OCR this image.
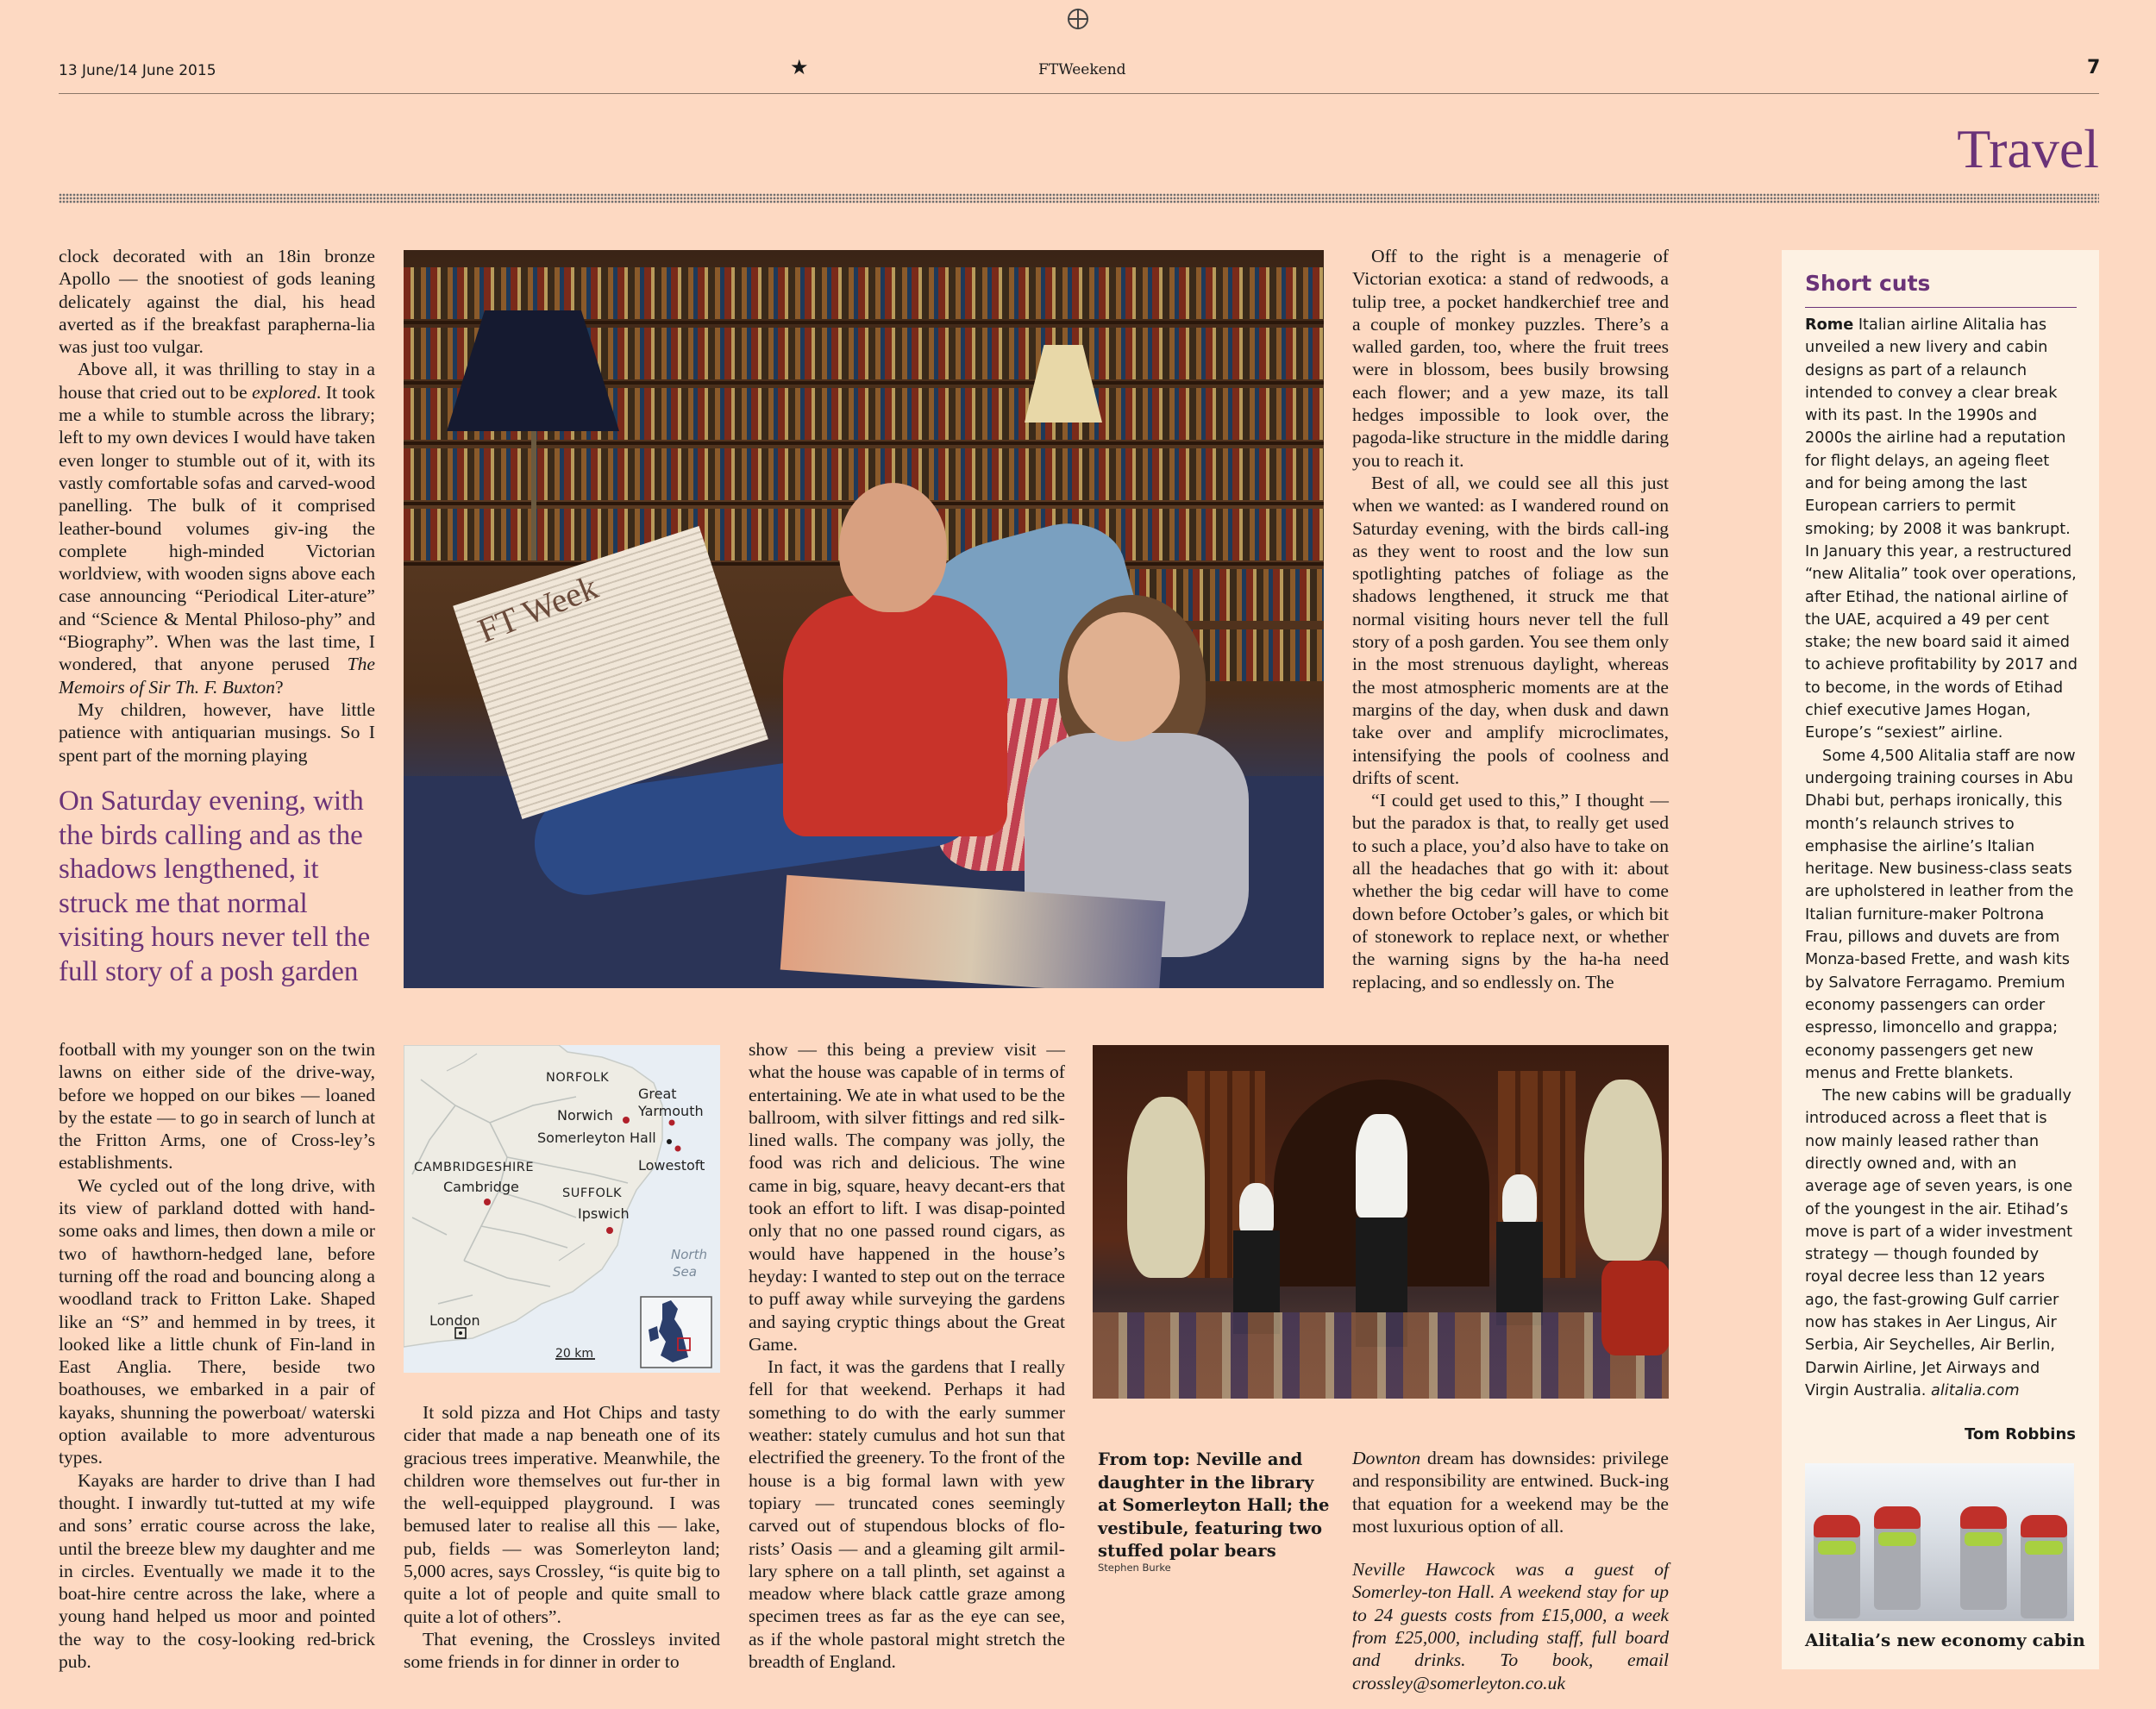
13 June/14 June 2015	★	FTWeekend	7
Travel

clock decorated with an 18in bronze Apollo — the snootiest of gods leaning delicately against the dial, his head averted as if the breakfast parapherna-lia was just too vulgar.

Above all, it was thrilling to stay in a house that cried out to be explored. It took me a while to stumble across the library; left to my own devices I would have taken even longer to stumble out of it, with its vastly comfortable sofas and carved-wood panelling. The bulk of it comprised leather-bound volumes giv-ing the complete high-minded Victorian worldview, with wooden signs above each case announcing “Periodical Liter-ature” and “Science & Mental Philoso-phy” and “Biography”. When was the last time, I wondered, that anyone perused The Memoirs of Sir Th. F. Buxton?

My children, however, have little patience with antiquarian musings. So I spent part of the morning playing

On Saturday evening, with the birds calling and as the shadows lengthened, it struck me that normal visiting hours never tell the full story of a posh garden
FT Week

Off to the right is a menagerie of Victorian exotica: a stand of redwoods, a tulip tree, a pocket handkerchief tree and a couple of monkey puzzles. There’s a walled garden, too, where the fruit trees were in blossom, bees busily browsing each flower; and a yew maze, its tall hedges impossible to look over, the pagoda-like structure in the middle daring you to reach it.

Best of all, we could see all this just when we wanted: as I wandered round on Saturday evening, with the birds call-ing as they went to roost and the low sun spotlighting patches of foliage as the shadows lengthened, it struck me that normal visiting hours never tell the full story of a posh garden. You see them only in the most strenuous daylight, whereas the most atmospheric moments are at the margins of the day, when dusk and dawn take over and amplify microclimates, intensifying the pools of coolness and drifts of scent.

“I could get used to this,” I thought — but the paradox is that, to really get used to such a place, you’d also have to take on all the headaches that go with it: about whether the big cedar will have to come down before October’s gales, or which bit of stonework to replace next, or whether the warning signs by the ha-ha need replacing, and so endlessly on. The

football with my younger son on the twin lawns on either side of the drive-way, before we hopped on our bikes — loaned by the estate — to go in search of lunch at the Fritton Arms, one of Cross-ley’s establishments.

We cycled out of the long drive, with its view of parkland dotted with hand-some oaks and limes, then down a mile or two of hawthorn-hedged lane, before turning off the road and bouncing along a woodland track to Fritton Lake. Shaped like an “S” and hemmed in by trees, it looked like a little chunk of Fin-land in East Anglia. There, beside two boathouses, we embarked in a pair of kayaks, shunning the powerboat/ waterski option available to more adventurous types.

Kayaks are harder to drive than I had thought. I inwardly tut-tutted at my wife and sons’ erratic course across the lake, until the breeze blew my daughter and me in circles. Eventually we made it to the boat-hire centre across the lake, where a young hand helped us moor and pointed the way to the cosy-looking red-brick pub.

NORFOLK
Great
Yarmouth
Norwich
Somerleyton Hall
Lowestoft
CAMBRIDGESHIRE
Cambridge	SUFFOLK
Ipswich
North
Sea
London
20 km

It sold pizza and Hot Chips and tasty cider that made a nap beneath one of its gracious trees imperative. Meanwhile, the children wore themselves out fur-ther in the well-equipped playground. I was bemused later to realise all this — lake, pub, fields — was Somerleyton land; 5,000 acres, says Crossley, “is quite big to quite a lot of people and quite small to quite a lot of others”.

That evening, the Crossleys invited some friends in for dinner in order to

show — this being a preview visit — what the house was capable of in terms of entertaining. We ate in what used to be the ballroom, with silver fittings and red silk-lined walls. The company was jolly, the food was rich and delicious. The wine came in big, square, heavy decant-ers that took an effort to lift. I was disap-pointed only that no one passed round cigars, as would have happened in the house’s heyday: I wanted to step out on the terrace to puff away while surveying the gardens and saying cryptic things about the Great Game.

In fact, it was the gardens that I really fell for that weekend. Perhaps it had something to do with the early summer weather: stately cumulus and hot sun that electrified the greenery. To the front of the house is a big formal lawn with yew topiary — truncated cones seemingly carved out of stupendous blocks of flo-rists’ Oasis — and a gleaming gilt armil-lary sphere on a tall plinth, set against a meadow where black cattle graze among specimen trees as far as the eye can see, as if the whole pastoral might stretch the breadth of England.

From top: Neville and daughter in the library at Somerleyton Hall; the vestibule, featuring two stuffed polar bears
Stephen Burke

Downton dream has downsides: privilege and responsibility are entwined. Buck-ing that equation for a weekend may be the most luxurious option of all.

Neville Hawcock was a guest of Somerley-ton Hall. A weekend stay for up to 24 guests costs from £15,000, a week from £25,000, including staff, full board and drinks. To book, email crossley@somerleyton.co.uk

Short cuts

Rome Italian airline Alitalia has unveiled a new livery and cabin designs as part of a relaunch intended to convey a clear break with its past. In the 1990s and 2000s the airline had a reputation for flight delays, an ageing fleet and for being among the last European carriers to permit smoking; by 2008 it was bankrupt. In January this year, a restructured “new Alitalia” took over operations, after Etihad, the national airline of the UAE, acquired a 49 per cent stake; the new board said it aimed to achieve profitability by 2017 and to become, in the words of Etihad chief executive James Hogan, Europe’s “sexiest” airline.

Some 4,500 Alitalia staff are now undergoing training courses in Abu Dhabi but, perhaps ironically, this month’s relaunch strives to emphasise the airline’s Italian heritage. New business-class seats are upholstered in leather from the Italian furniture-maker Poltrona Frau, pillows and duvets are from Monza-based Frette, and wash kits by Salvatore Ferragamo. Premium economy passengers can order espresso, limoncello and grappa; economy passengers get new menus and Frette blankets.

The new cabins will be gradually introduced across a fleet that is now mainly leased rather than directly owned and, with an average age of seven years, is one of the youngest in the air. Etihad’s move is part of a wider investment strategy — though founded by royal decree less than 12 years ago, the fast-growing Gulf carrier now has stakes in Aer Lingus, Air Serbia, Air Seychelles, Air Berlin, Darwin Airline, Jet Airways and Virgin Australia. alitalia.com

Tom Robbins
Alitalia’s new economy cabin
